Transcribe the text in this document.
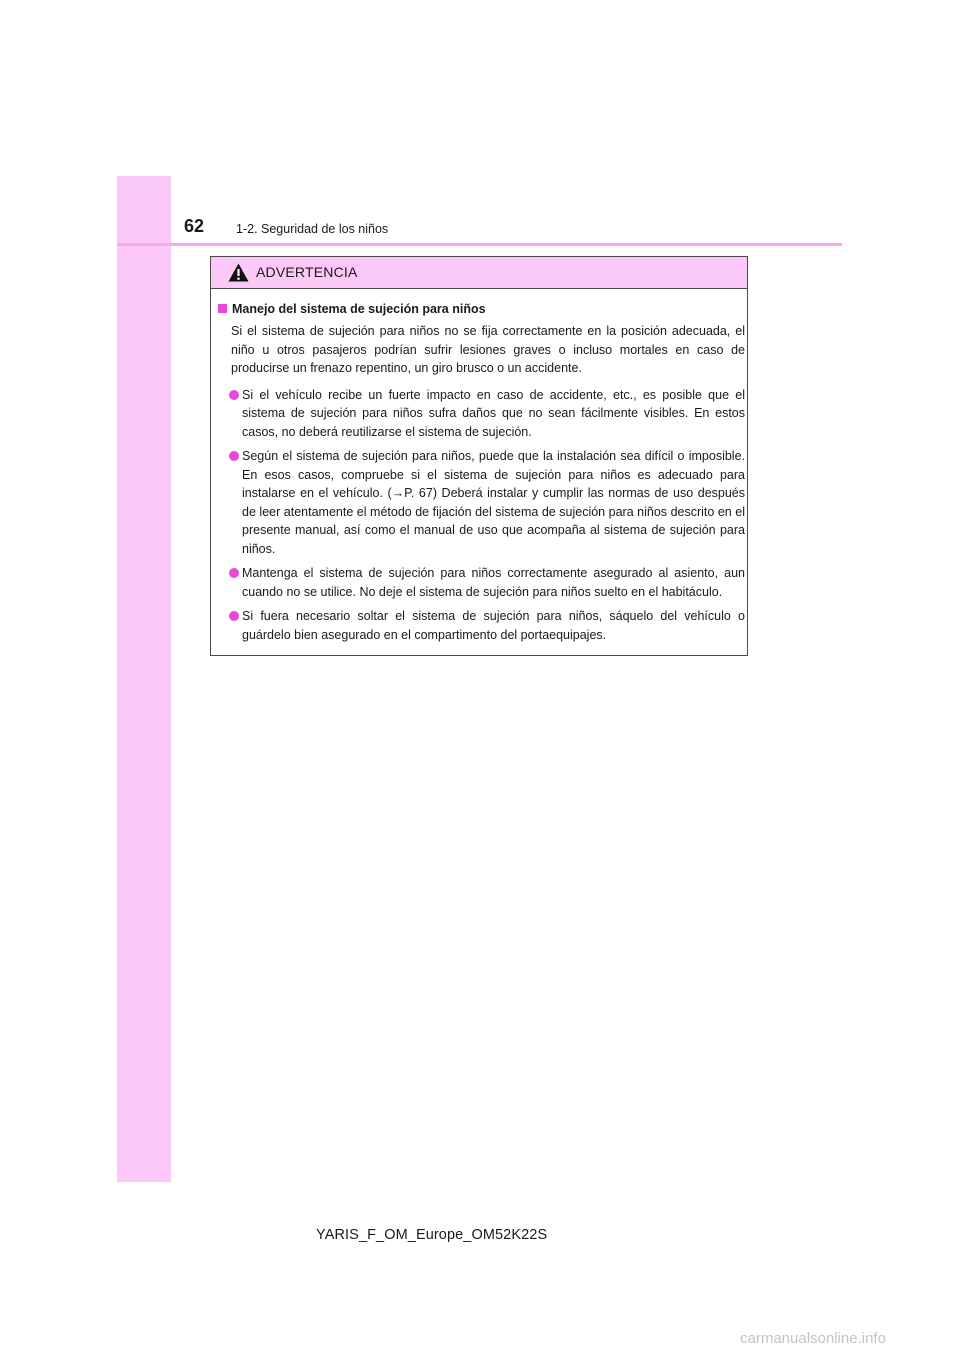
62	1-2. Seguridad de los niños
ADVERTENCIA
Manejo del sistema de sujeción para niños
Si el sistema de sujeción para niños no se fija correctamente en la posición adecuada, el niño u otros pasajeros podrían sufrir lesiones graves o incluso mortales en caso de producirse un frenazo repentino, un giro brusco o un accidente.
Si el vehículo recibe un fuerte impacto en caso de accidente, etc., es posible que el sistema de sujeción para niños sufra daños que no sean fácilmente visibles. En estos casos, no deberá reutilizarse el sistema de sujeción.
Según el sistema de sujeción para niños, puede que la instalación sea difícil o imposible. En esos casos, compruebe si el sistema de sujeción para niños es adecuado para instalarse en el vehículo. (→P. 67) Deberá instalar y cumplir las normas de uso después de leer atentamente el método de fijación del sistema de sujeción para niños descrito en el presente manual, así como el manual de uso que acompaña al sistema de sujeción para niños.
Mantenga el sistema de sujeción para niños correctamente asegurado al asiento, aun cuando no se utilice. No deje el sistema de sujeción para niños suelto en el habitáculo.
Si fuera necesario soltar el sistema de sujeción para niños, sáquelo del vehículo o guárdelo bien asegurado en el compartimento del portaequipajes.
YARIS_F_OM_Europe_OM52K22S
carmanualsonline.info
